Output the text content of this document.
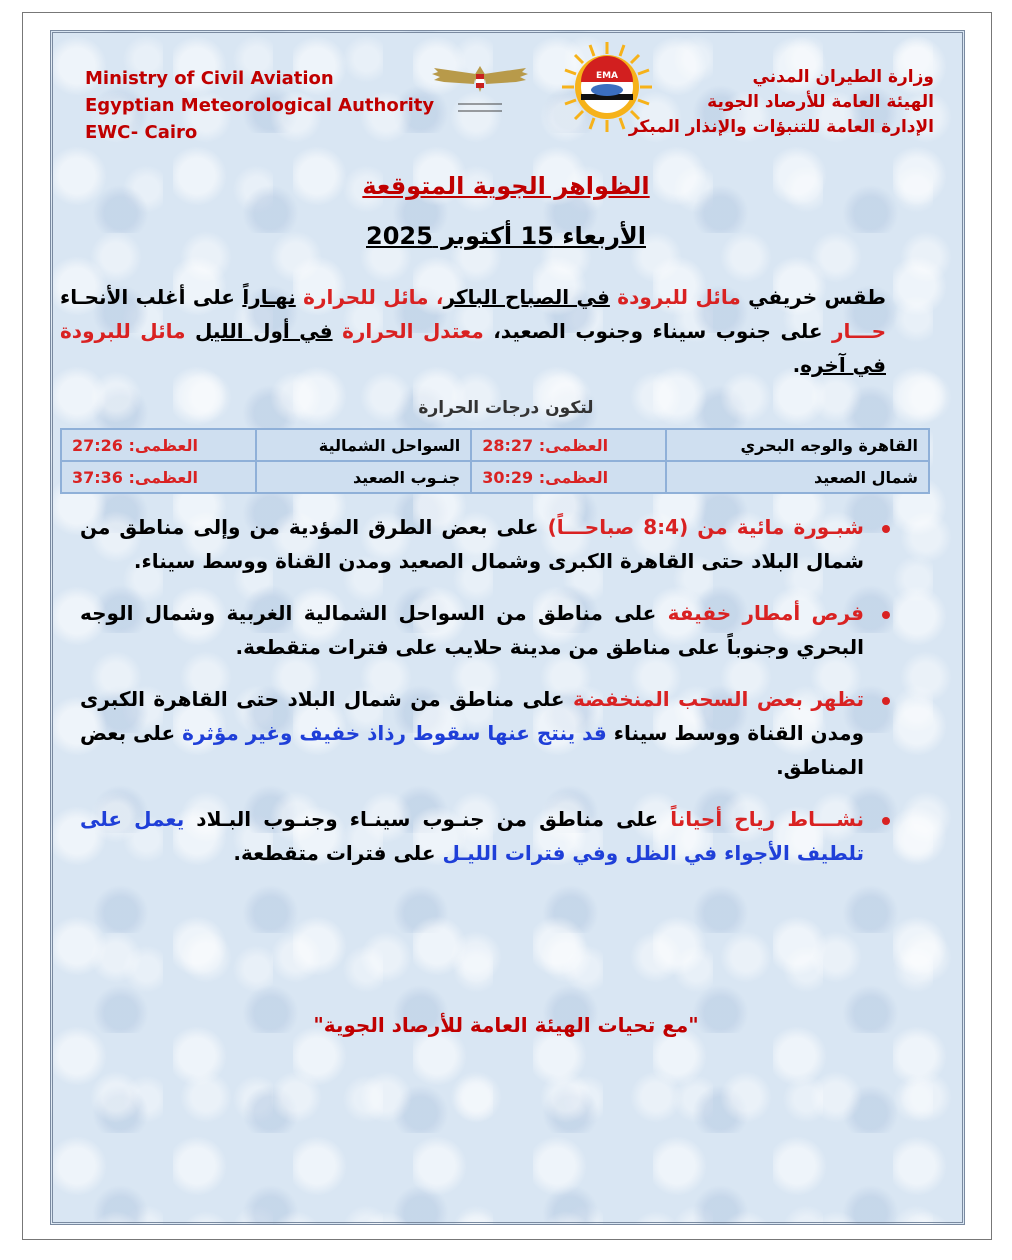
Ministry of Civil Aviation
Egyptian Meteorological Authority
EWC- Cairo
وزارة الطيران المدني
الهيئة العامة للأرصاد الجوية
الإدارة العامة للتنبؤات والإنذار المبكر
EMA
الظواهر الجوية المتوقعة
الأربعاء 15 أكتوبر 2025
طقس خريفي مائل للبرودة في الصباح الباكر، مائل للحرارة نهـاراً على أغلب الأنحـاء حـــار على جنوب سيناء وجنوب الصعيد، معتدل الحرارة في أول الليل مائل للبرودة في آخره.
لتكون درجات الحرارة
القاهرة والوجه البحري	العظمى: 28:27	السواحل الشمالية	العظمى: 27:26
شمال الصعيد	العظمى: 30:29	جنـوب الصعيد	العظمى: 37:36
شبـورة مائية من (8:4 صباحـــاً) على بعض الطرق المؤدية من وإلى مناطق من شمال البلاد حتى القاهرة الكبرى وشمال الصعيد ومدن القناة ووسط سيناء.
فرص أمطار خفيفة على مناطق من السواحل الشمالية الغربية وشمال الوجه البحري وجنوباً على مناطق من مدينة حلايب على فترات متقطعة.
تظهر بعض السحب المنخفضة على مناطق من شمال البلاد حتى القاهرة الكبرى ومدن القناة ووسط سيناء قد ينتج عنها سقوط رذاذ خفيف وغير مؤثرة على بعض المناطق.
نشـــاط رياح أحياناً على مناطق من جنـوب سينـاء وجنـوب البـلاد يعمل على تلطيف الأجواء في الظل وفي فترات الليـل على فترات متقطعة.
"مع تحيات الهيئة العامة للأرصاد الجوية"
